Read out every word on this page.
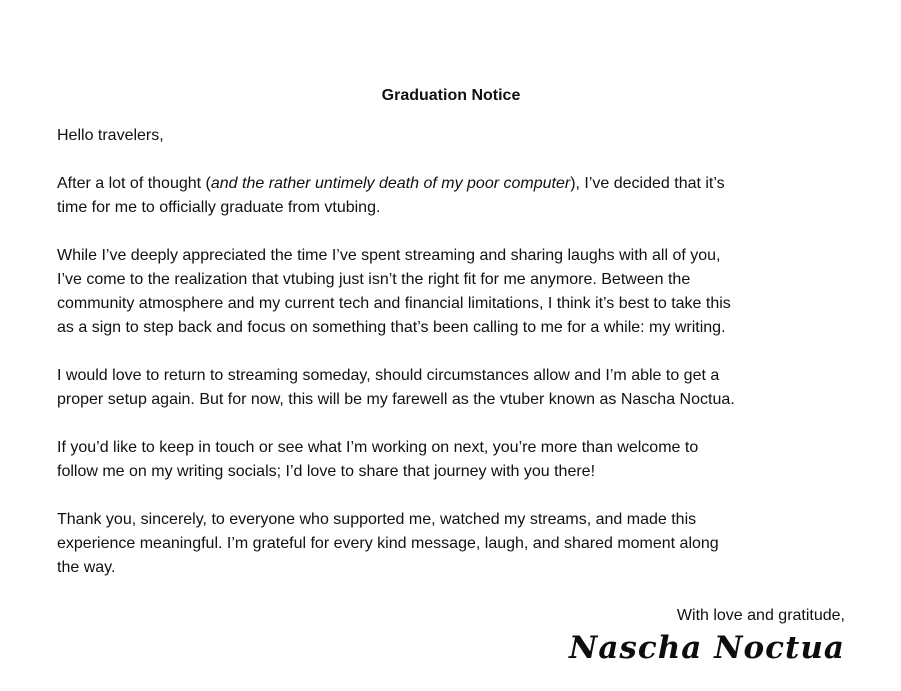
Graduation Notice
Hello travelers,
After a lot of thought (and the rather untimely death of my poor computer), I’ve decided that it’s
time for me to officially graduate from vtubing.
While I’ve deeply appreciated the time I’ve spent streaming and sharing laughs with all of you,
I’ve come to the realization that vtubing just isn’t the right fit for me anymore. Between the
community atmosphere and my current tech and financial limitations, I think it’s best to take this
as a sign to step back and focus on something that’s been calling to me for a while: my writing.
I would love to return to streaming someday, should circumstances allow and I’m able to get a
proper setup again. But for now, this will be my farewell as the vtuber known as Nascha Noctua.
If you’d like to keep in touch or see what I’m working on next, you’re more than welcome to
follow me on my writing socials; I’d love to share that journey with you there!
Thank you, sincerely, to everyone who supported me, watched my streams, and made this
experience meaningful. I’m grateful for every kind message, laugh, and shared moment along
the way.
With love and gratitude,
Nascha Noctua
